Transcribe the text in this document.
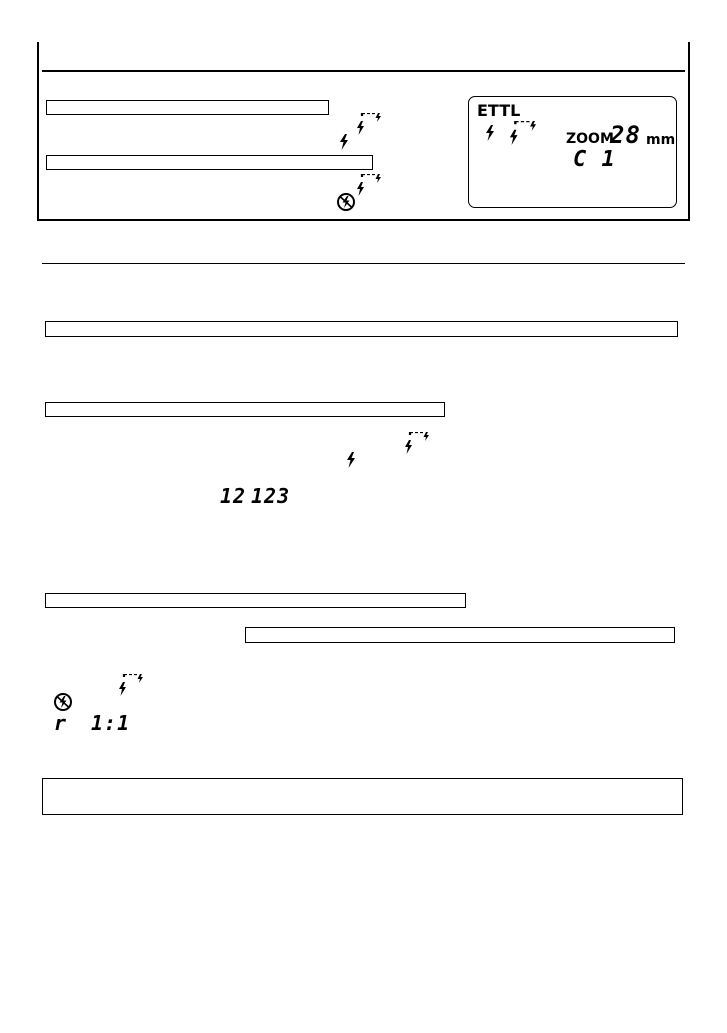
ETTL
ZOOM
28 mm
C 1
12 123
r 1:1
